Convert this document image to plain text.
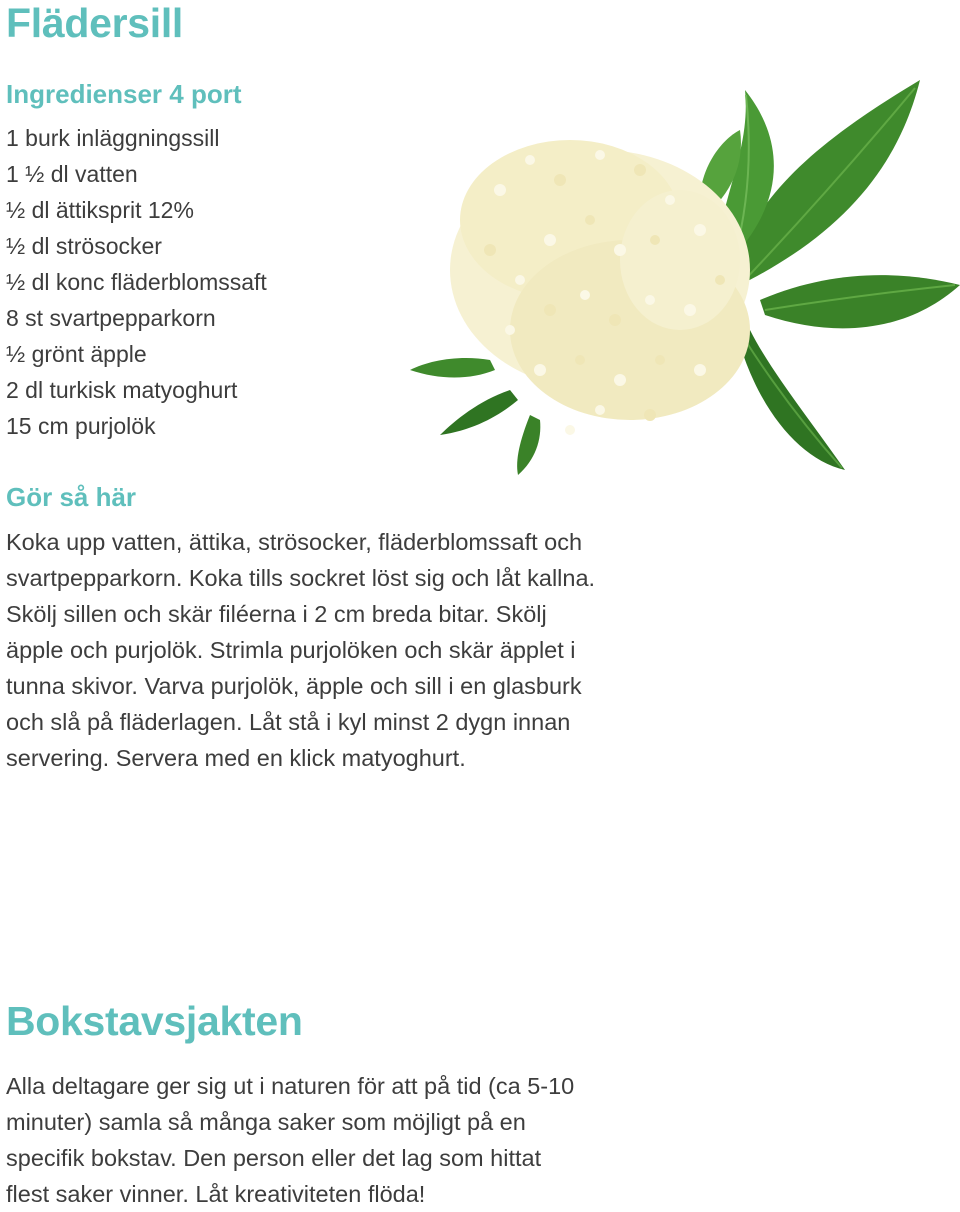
Flädersill
Ingredienser 4 port
1 burk inläggningssill
1 ½ dl vatten
½ dl ättiksprit 12%
½ dl strösocker
½ dl konc fläderblomssaft
8 st svartpepparkorn
½ grönt äpple
2 dl turkisk matyoghurt
15 cm purjolök
Gör så här
Koka upp vatten, ättika, strösocker, fläderblomssaft och
svartpepparkorn. Koka tills sockret löst sig och låt kallna.
Skölj sillen och skär filéerna i 2 cm breda bitar. Skölj
äpple och purjolök. Strimla purjolöken och skär äpplet i
tunna skivor. Varva purjolök, äpple och sill i en glasburk
och slå på fläderlagen. Låt stå i kyl minst 2 dygn innan
servering. Servera med en klick matyoghurt.
Bokstavsjakten
Alla deltagare ger sig ut i naturen för att på tid (ca 5-10
minuter) samla så många saker som möjligt på en
specifik bokstav. Den person eller det lag som hittat
flest saker vinner. Låt kreativiteten flöda!
